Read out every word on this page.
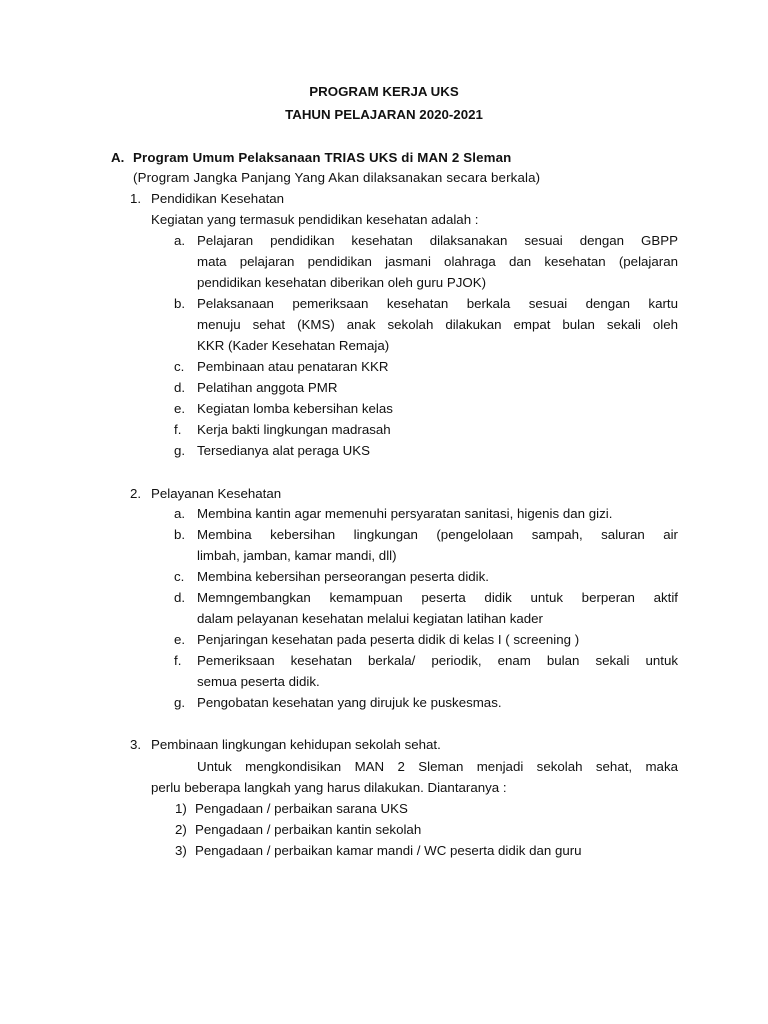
PROGRAM KERJA UKS
TAHUN PELAJARAN 2020-2021
A. Program Umum Pelaksanaan TRIAS UKS di MAN 2 Sleman
(Program Jangka Panjang Yang Akan dilaksanakan secara berkala)
1. Pendidikan Kesehatan
Kegiatan yang termasuk pendidikan kesehatan adalah :
a. Pelajaran pendidikan kesehatan dilaksanakan sesuai dengan GBPP
mata pelajaran pendidikan jasmani olahraga dan kesehatan (pelajaran
pendidikan kesehatan diberikan oleh guru PJOK)
b. Pelaksanaan pemeriksaan kesehatan berkala sesuai dengan kartu
menuju sehat (KMS) anak sekolah dilakukan empat bulan sekali oleh
KKR (Kader Kesehatan Remaja)
c. Pembinaan atau penataran KKR
d. Pelatihan anggota PMR
e. Kegiatan lomba kebersihan kelas
f. Kerja bakti lingkungan madrasah
g. Tersedianya alat peraga UKS
2. Pelayanan Kesehatan
a. Membina kantin agar memenuhi persyaratan sanitasi, higenis dan gizi.
b. Membina kebersihan lingkungan (pengelolaan sampah, saluran air
limbah, jamban, kamar mandi, dll)
c. Membina kebersihan perseorangan peserta didik.
d. Memngembangkan kemampuan peserta didik untuk berperan aktif
dalam pelayanan kesehatan melalui kegiatan latihan kader
e. Penjaringan kesehatan pada peserta didik di kelas I ( screening )
f. Pemeriksaan kesehatan berkala/ periodik, enam bulan sekali untuk
semua peserta didik.
g. Pengobatan kesehatan yang dirujuk ke puskesmas.
3. Pembinaan lingkungan kehidupan sekolah sehat.
Untuk mengkondisikan MAN 2 Sleman menjadi sekolah sehat, maka
perlu beberapa langkah yang harus dilakukan. Diantaranya :
1) Pengadaan / perbaikan sarana UKS
2) Pengadaan / perbaikan kantin sekolah
3) Pengadaan / perbaikan kamar mandi / WC peserta didik dan guru
